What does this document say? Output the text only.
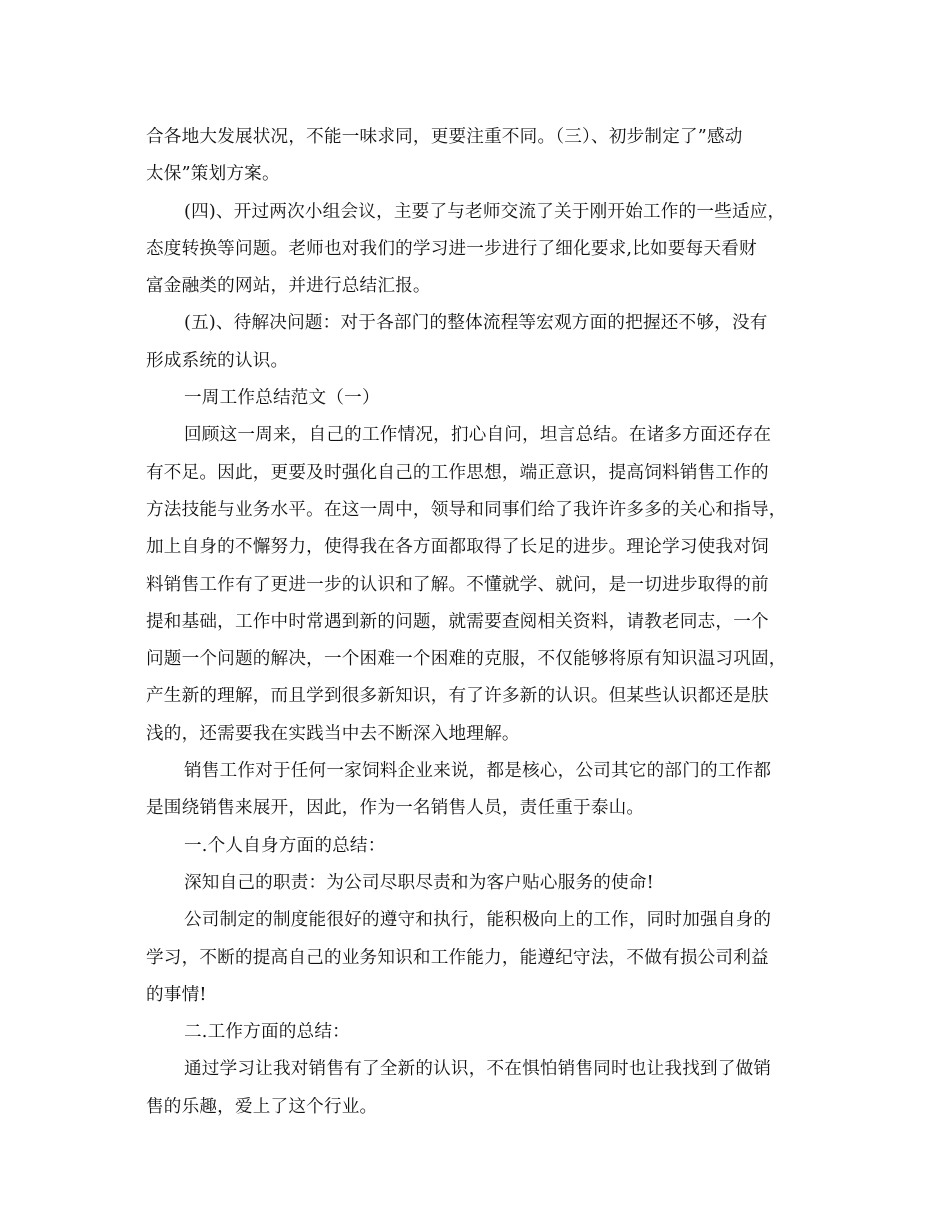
合各地大发展状况，不能一味求同，更要注重不同。（三）、初步制定了”感动
太保”策划方案。
(四)、开过两次小组会议，主要了与老师交流了关于刚开始工作的一些适应，
态度转换等问题。老师也对我们的学习进一步进行了细化要求,比如要每天看财
富金融类的网站，并进行总结汇报。
(五)、待解决问题：对于各部门的整体流程等宏观方面的把握还不够，没有
形成系统的认识。
一周工作总结范文（一）
回顾这一周来，自己的工作情况，扪心自问，坦言总结。在诸多方面还存在
有不足。因此，更要及时强化自己的工作思想，端正意识，提高饲料销售工作的
方法技能与业务水平。在这一周中，领导和同事们给了我许许多多的关心和指导，
加上自身的不懈努力，使得我在各方面都取得了长足的进步。理论学习使我对饲
料销售工作有了更进一步的认识和了解。不懂就学、就问，是一切进步取得的前
提和基础，工作中时常遇到新的问题，就需要查阅相关资料，请教老同志，一个
问题一个问题的解决，一个困难一个困难的克服，不仅能够将原有知识温习巩固，
产生新的理解，而且学到很多新知识，有了许多新的认识。但某些认识都还是肤
浅的，还需要我在实践当中去不断深入地理解。
销售工作对于任何一家饲料企业来说，都是核心，公司其它的部门的工作都
是围绕销售来展开，因此，作为一名销售人员，责任重于泰山。
一.个人自身方面的总结：
深知自己的职责：为公司尽职尽责和为客户贴心服务的使命!
公司制定的制度能很好的遵守和执行，能积极向上的工作，同时加强自身的
学习，不断的提高自己的业务知识和工作能力，能遵纪守法，不做有损公司利益
的事情!
二.工作方面的总结：
通过学习让我对销售有了全新的认识，不在惧怕销售同时也让我找到了做销
售的乐趣，爱上了这个行业。
